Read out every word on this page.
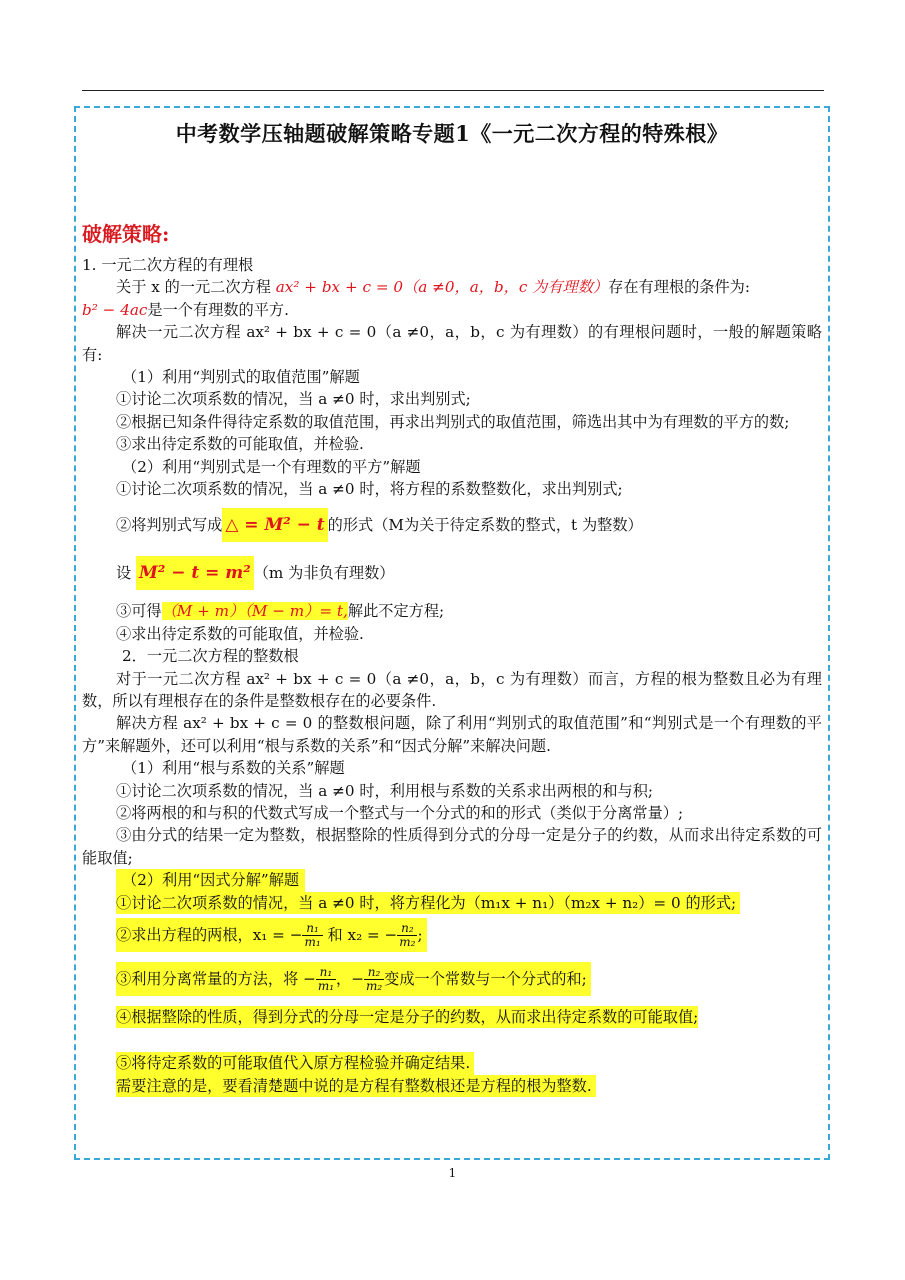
中考数学压轴题破解策略专题1《一元二次方程的特殊根》
破解策略:
1. 一元二次方程的有理根
关于 x 的一元二次方程 ax² + bx + c = 0（a ≠0，a，b，c 为有理数）存在有理根的条件为:
b² − 4ac是一个有理数的平方.
解决一元二次方程 ax² + bx + c = 0（a ≠0，a，b，c 为有理数）的有理根问题时，一般的解题策略有:
（1）利用“判别式的取值范围”解题
①讨论二次项系数的情况，当 a ≠0 时，求出判别式;
②根据已知条件得待定系数的取值范围，再求出判别式的取值范围，筛选出其中为有理数的平方的数;
③求出待定系数的可能取值，并检验.
（2）利用“判别式是一个有理数的平方”解题
①讨论二次项系数的情况，当 a ≠0 时，将方程的系数整数化，求出判别式;
②将判别式写成 △ = M² − t 的形式（M为关于待定系数的整式，t 为整数）
设 M² − t = m² （m 为非负有理数）
③可得（M + m）（M − m）= t,解此不定方程;
④求出待定系数的可能取值，并检验.
2．一元二次方程的整数根
对于一元二次方程 ax² + bx + c = 0（a ≠0，a，b，c 为有理数）而言，方程的根为整数且必为有理数，所以有理根存在的条件是整数根存在的必要条件.
解决方程 ax² + bx + c = 0 的整数根问题，除了利用“判别式的取值范围”和“判别式是一个有理数的平方”来解题外，还可以利用“根与系数的关系”和“因式分解”来解决问题.
（1）利用“根与系数的关系”解题
①讨论二次项系数的情况，当 a ≠0 时，利用根与系数的关系求出两根的和与积;
②将两根的和与积的代数式写成一个整式与一个分式的和的形式（类似于分离常量）;
③由分式的结果一定为整数，根据整除的性质得到分式的分母一定是分子的约数，从而求出待定系数的可能取值;
（2）利用“因式分解”解题
①讨论二次项系数的情况，当 a ≠0 时，将方程化为（m₁x + n₁）（m₂x + n₂）= 0 的形式;
②求出方程的两根，x₁ = − $\frac{\text{n₁}}{\text{m₁}}$ 和 x₂ = − $\frac{\text{n₂}}{\text{m₂}}$ ;
③利用分离常量的方法，将 − $\frac{\text{n₁}}{\text{m₁}}$ ，− $\frac{\text{n₂}}{\text{m₂}}$ 变成一个常数与一个分式的和;
④根据整除的性质，得到分式的分母一定是分子的约数，从而求出待定系数的可能取值;
⑤将待定系数的可能取值代入原方程检验并确定结果.
需要注意的是，要看清楚题中说的是方程有整数根还是方程的根为整数.
1
